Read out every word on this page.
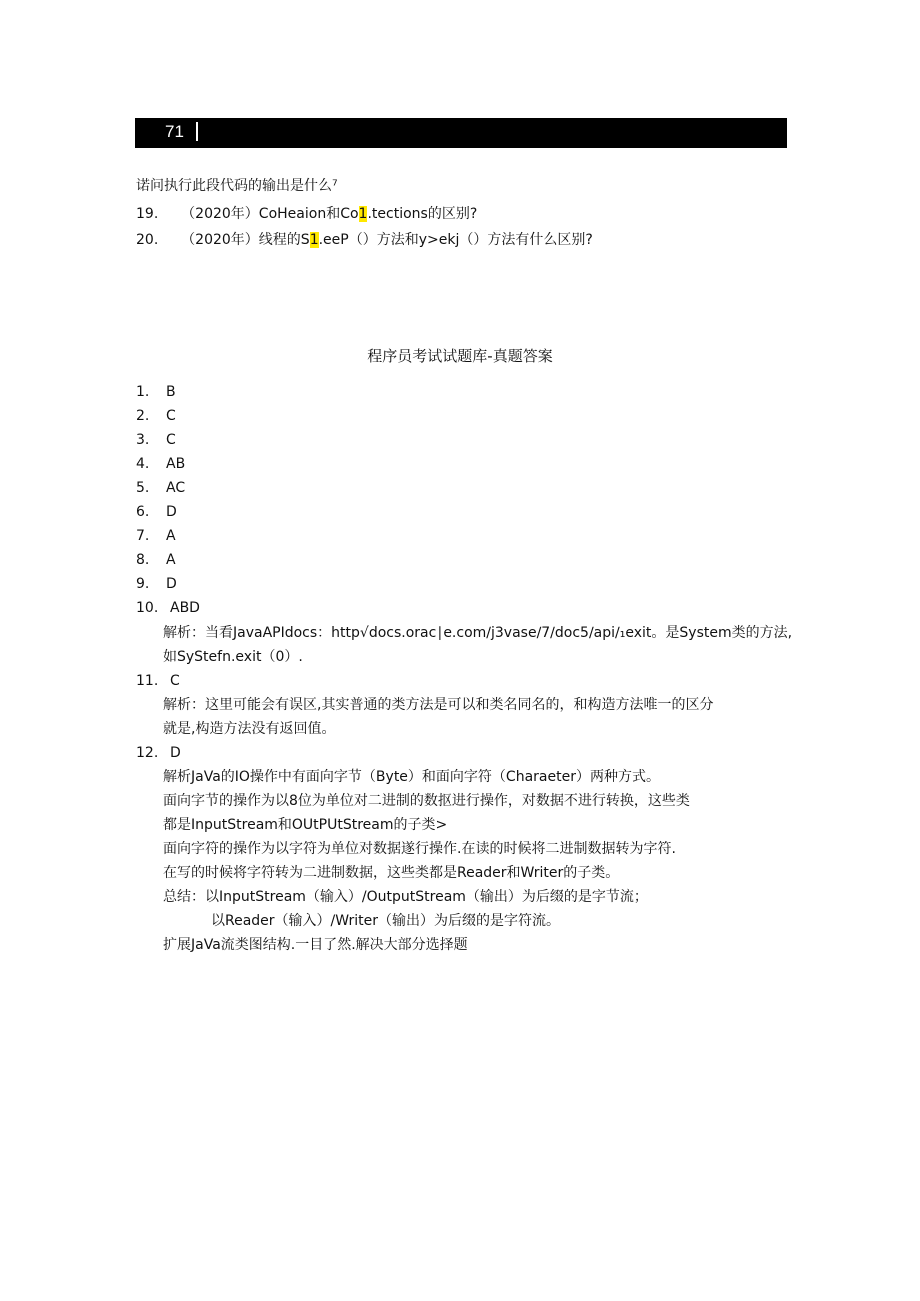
71
诺问执行此段代码的输出是什么⁷
19. （2020年）CoHeaion和Co1.tections的区别?
20. （2020年）线程的S1.eeP（）方法和y>ekj（）方法有什么区别?
程序员考试试题库-真题答案
1. B
2. C
3. C
4. AB
5. AC
6. D
7. A
8. A
9. D
10. ABD
解析：当看JavaAPIdocs：http√docs.orac∣e.com∕j3vase∕7∕doc5∕api∕₁exit。是System类的方法,
如SyStefn.exit（0）.
11. C
解析：这里可能会有误区,其实普通的类方法是可以和类名同名的，和构造方法唯一的区分
就是,构造方法没有返回值。
12. D
解析JaVa的IO操作中有面向字节（Byte）和面向字符（Charaeter）两种方式。
面向字节的操作为以8位为单位对二进制的数抠进行操作，对数据不进行转换，这些类
都是InputStream和OUtPUtStream的子类>
面向字符的操作为以字符为单位对数据遂行操作.在读的时候将二进制数据转为字符.
在写的时候将字符转为二进制数据，这些类都是Reader和Writer的子类。
总结：以InputStream（输入）/OutputStream（输出）为后缀的是字节流；
以Reader（输入）/Writer（输出）为后缀的是字符流。
扩展JaVa流类图结构.一目了然.解决大部分选择题
